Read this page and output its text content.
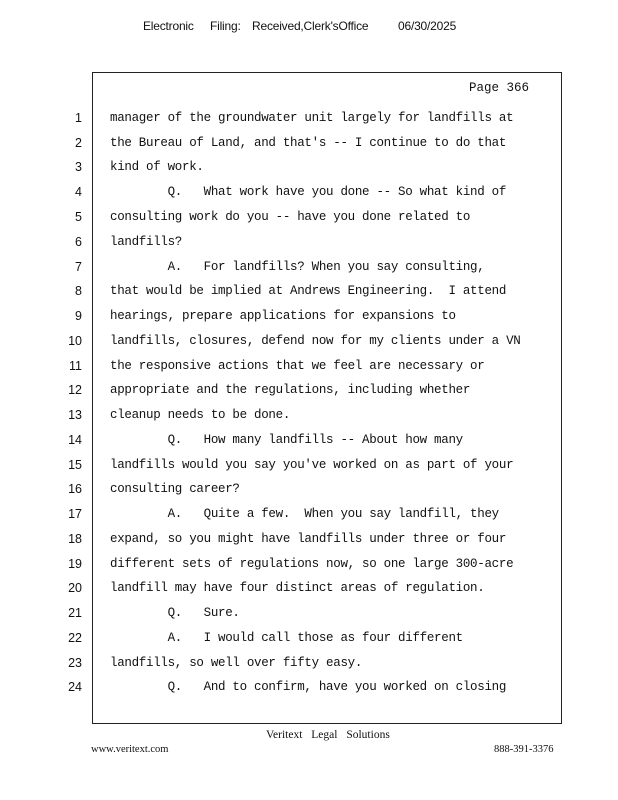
Electronic Filing: Received,Clerk'sOffice 06/30/2025
Page 366
1 manager of the groundwater unit largely for landfills at
2 the Bureau of Land, and that's -- I continue to do that
3 kind of work.
4 Q.   What work have you done -- So what kind of
5 consulting work do you -- have you done related to
6 landfills?
7 A.   For landfills? When you say consulting,
8 that would be implied at Andrews Engineering.  I attend
9 hearings, prepare applications for expansions to
10 landfills, closures, defend now for my clients under a VN
11 the responsive actions that we feel are necessary or
12 appropriate and the regulations, including whether
13 cleanup needs to be done.
14 Q.   How many landfills -- About how many
15 landfills would you say you've worked on as part of your
16 consulting career?
17 A.   Quite a few.  When you say landfill, they
18 expand, so you might have landfills under three or four
19 different sets of regulations now, so one large 300-acre
20 landfill may have four distinct areas of regulation.
21 Q.   Sure.
22 A.   I would call those as four different
23 landfills, so well over fifty easy.
24 Q.   And to confirm, have you worked on closing
Veritext Legal Solutions
www.veritext.com	888-391-3376
